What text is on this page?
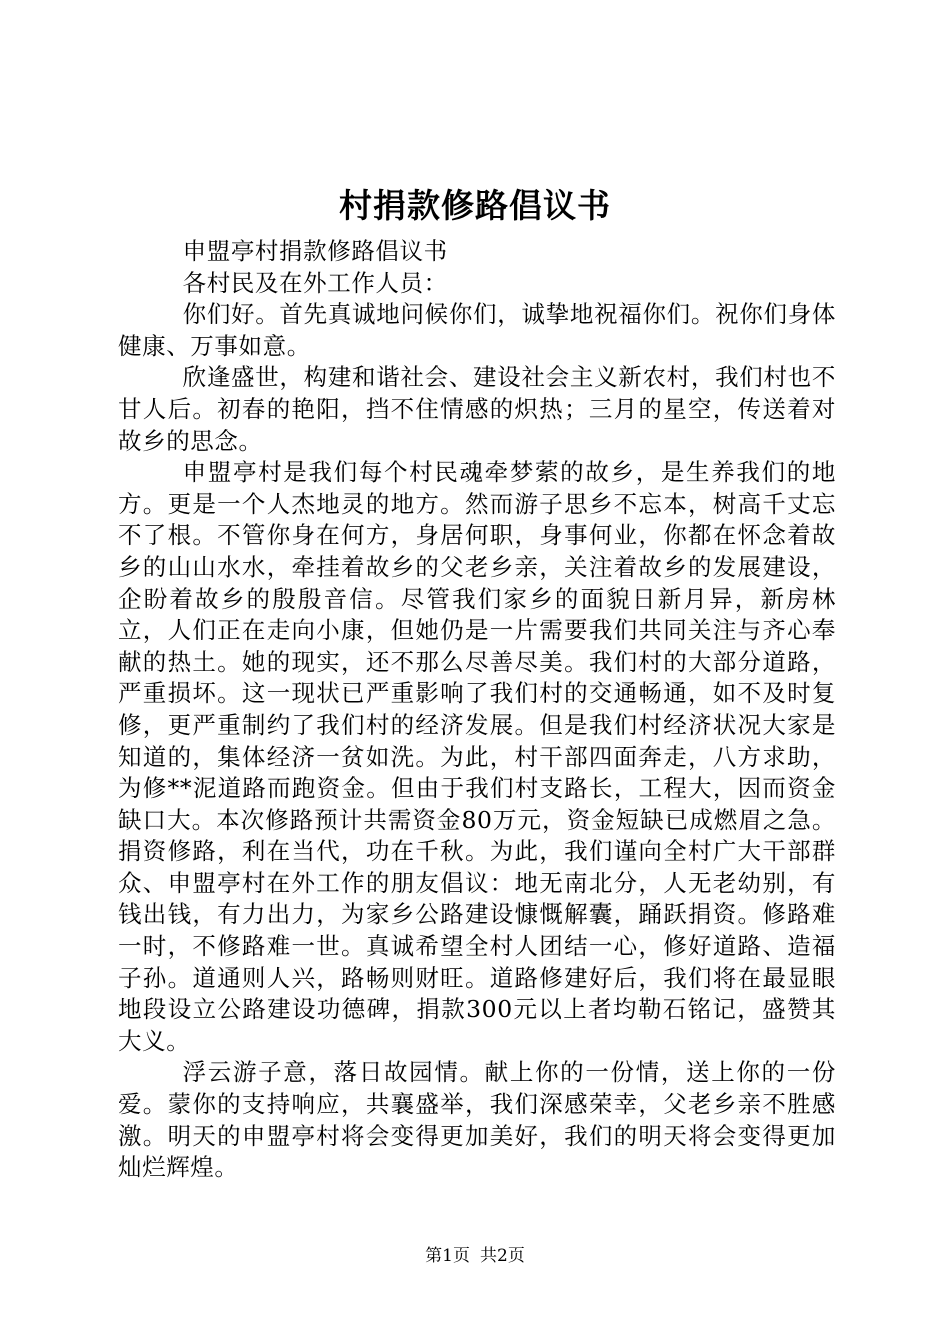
村捐款修路倡议书

申盟亭村捐款修路倡议书

各村民及在外工作人员：

你们好。首先真诚地问候你们，诚挚地祝福你们。祝你们身体健康、万事如意。

欣逢盛世，构建和谐社会、建设社会主义新农村，我们村也不甘人后。初春的艳阳，挡不住情感的炽热；三月的星空，传送着对故乡的思念。

申盟亭村是我们每个村民魂牵梦萦的故乡，是生养我们的地方。更是一个人杰地灵的地方。然而游子思乡不忘本，树高千丈忘不了根。不管你身在何方，身居何职，身事何业，你都在怀念着故乡的山山水水，牵挂着故乡的父老乡亲，关注着故乡的发展建设，企盼着故乡的殷殷音信。尽管我们家乡的面貌日新月异，新房林立，人们正在走向小康，但她仍是一片需要我们共同关注与齐心奉献的热土。她的现实，还不那么尽善尽美。我们村的大部分道路，严重损坏。这一现状已严重影响了我们村的交通畅通，如不及时复修，更严重制约了我们村的经济发展。但是我们村经济状况大家是知道的，集体经济一贫如洗。为此，村干部四面奔走，八方求助，为修**泥道路而跑资金。但由于我们村支路长，工程大，因而资金缺口大。本次修路预计共需资金80万元，资金短缺已成燃眉之急。捐资修路，利在当代，功在千秋。为此，我们谨向全村广大干部群众、申盟亭村在外工作的朋友倡议：地无南北分，人无老幼别，有钱出钱，有力出力，为家乡公路建设慷慨解囊，踊跃捐资。修路难一时，不修路难一世。真诚希望全村人团结一心，修好道路、造福子孙。道通则人兴，路畅则财旺。道路修建好后，我们将在最显眼地段设立公路建设功德碑，捐款300元以上者均勒石铭记，盛赞其大义。

浮云游子意，落日故园情。献上你的一份情，送上你的一份爱。蒙你的支持响应，共襄盛举，我们深感荣幸，父老乡亲不胜感激。明天的申盟亭村将会变得更加美好，我们的明天将会变得更加灿烂辉煌。

第1页 共2页
